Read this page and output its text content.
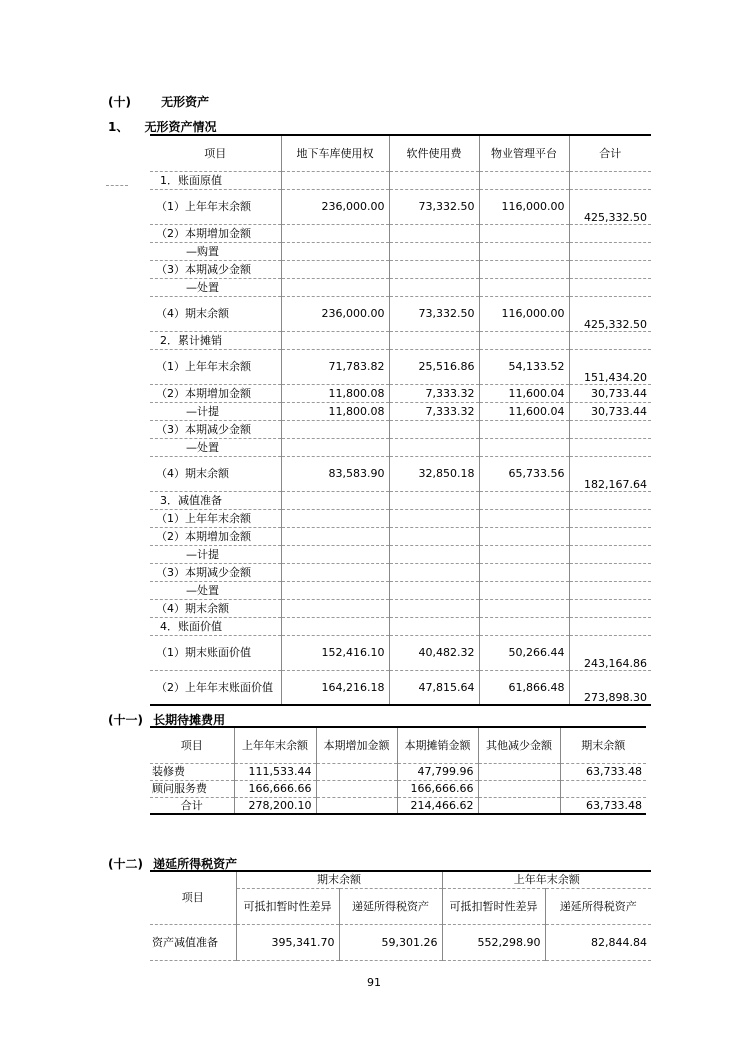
(十)	无形资产
1、 无形资产情况
项目	地下车库使用权	软件使用费	物业管理平台	合计
1．账面原值				
（1）上年年末余额	236,000.00	73,332.50	116,000.00	425,332.50
（2）本期增加金额				
—购置				
（3）本期减少金额				
—处置				
（4）期末余额	236,000.00	73,332.50	116,000.00	425,332.50
2．累计摊销				
（1）上年年末余额	71,783.82	25,516.86	54,133.52	151,434.20
（2）本期增加金额	11,800.08	7,333.32	11,600.04	30,733.44
—计提	11,800.08	7,333.32	11,600.04	30,733.44
（3）本期减少金额				
—处置				
（4）期末余额	83,583.90	32,850.18	65,733.56	182,167.64
3．减值准备				
（1）上年年末余额				
（2）本期增加金额				
—计提				
（3）本期减少金额				
—处置				
（4）期末余额				
4．账面价值				
（1）期末账面价值	152,416.10	40,482.32	50,266.44	243,164.86
（2）上年年末账面价值	164,216.18	47,815.64	61,866.48	273,898.30
(十一) 长期待摊费用
项目	上年年末余额	本期增加金额	本期摊销金额	其他减少金额	期末余额
装修费	111,533.44		47,799.96		63,733.48
顾问服务费	166,666.66		166,666.66		
合计	278,200.10		214,466.62		63,733.48
(十二) 递延所得税资产
项目	期末余额		上年年末余额	
	可抵扣暂时性差异	递延所得税资产	可抵扣暂时性差异	递延所得税资产
资产减值准备	395,341.70	59,301.26	552,298.90	82,844.84
91
